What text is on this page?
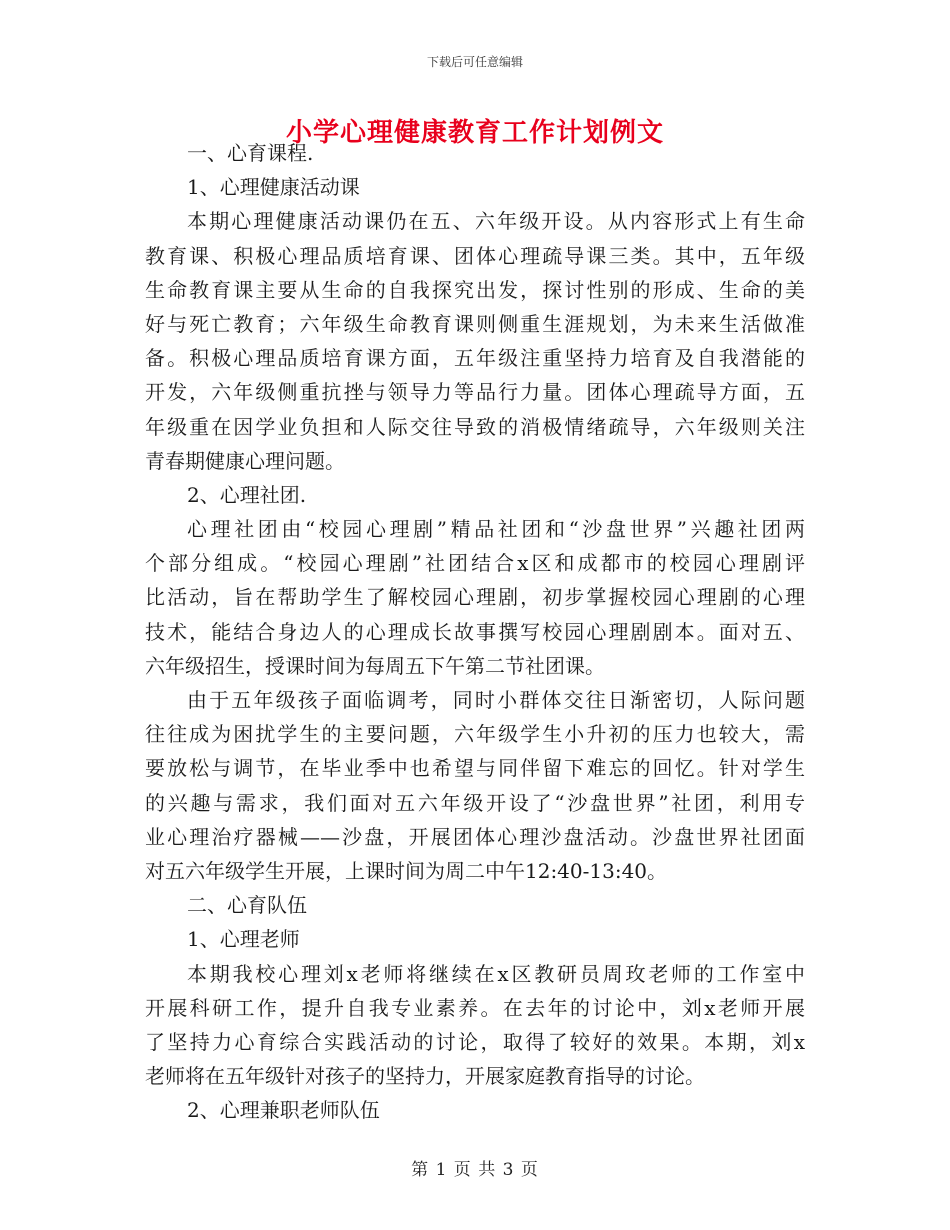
下载后可任意编辑
小学心理健康教育工作计划例文
一、心育课程.
1、心理健康活动课
本期心理健康活动课仍在五、六年级开设。从内容形式上有生命
教育课、积极心理品质培育课、团体心理疏导课三类。其中，五年级
生命教育课主要从生命的自我探究出发，探讨性别的形成、生命的美
好与死亡教育；六年级生命教育课则侧重生涯规划，为未来生活做准
备。积极心理品质培育课方面，五年级注重坚持力培育及自我潜能的
开发，六年级侧重抗挫与领导力等品行力量。团体心理疏导方面，五
年级重在因学业负担和人际交往导致的消极情绪疏导，六年级则关注
青春期健康心理问题。
2、心理社团.
心理社团由“校园心理剧”精品社团和“沙盘世界”兴趣社团两
个部分组成。“校园心理剧”社团结合x区和成都市的校园心理剧评
比活动，旨在帮助学生了解校园心理剧，初步掌握校园心理剧的心理
技术，能结合身边人的心理成长故事撰写校园心理剧剧本。面对五、
六年级招生，授课时间为每周五下午第二节社团课。
由于五年级孩子面临调考，同时小群体交往日渐密切，人际问题
往往成为困扰学生的主要问题，六年级学生小升初的压力也较大，需
要放松与调节，在毕业季中也希望与同伴留下难忘的回忆。针对学生
的兴趣与需求，我们面对五六年级开设了“沙盘世界”社团，利用专
业心理治疗器械——沙盘，开展团体心理沙盘活动。沙盘世界社团面
对五六年级学生开展，上课时间为周二中午12:40-13:40。
二、心育队伍
1、心理老师
本期我校心理刘x老师将继续在x区教研员周玫老师的工作室中
开展科研工作，提升自我专业素养。在去年的讨论中，刘x老师开展
了坚持力心育综合实践活动的讨论，取得了较好的效果。本期，刘x
老师将在五年级针对孩子的坚持力，开展家庭教育指导的讨论。
2、心理兼职老师队伍
第 1 页 共 3 页
